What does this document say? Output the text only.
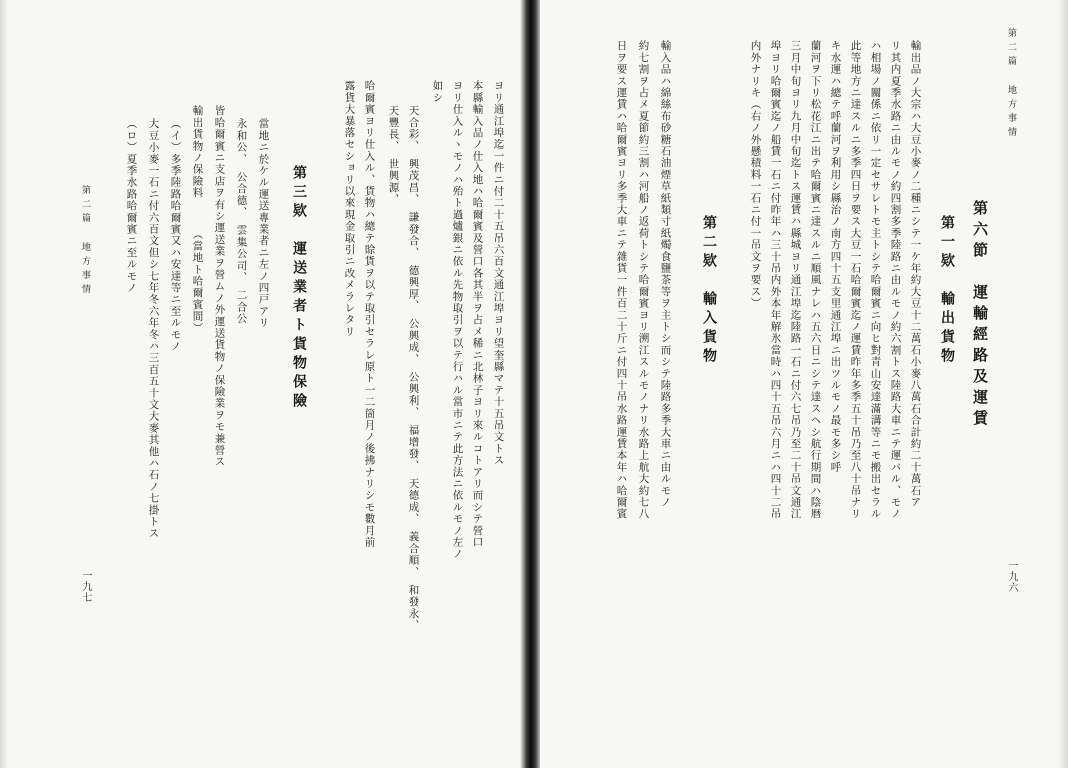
ヨリ通江埠迄一件ニ付二十五吊六百文通江埠ヨリ望奎縣マテ十五吊文トス
本縣輸入品ノ仕入地ハ哈爾賓及營口各其半ヲ占メ稀ニ北林子ヨリ來ルコトアリ而シテ營口
ヨリ仕入ルヽモノハ殆ト過爐銀ニ依ル先物取引ヲ以テ行ハル當市ニテ此方法ニ依ルモノ左ノ
如シ
天合彩、　興茂昌、　謙發合、　德興厚、　公興成、　公興利、　福增發、　天德成、　義合順、　和發永、
天豐長、　世興源、
哈爾賓ヨリ仕入ル、貨物ハ總テ賒貨ヲ以テ取引セラレ原ト一二箇月ノ後拂ナリシモ數月前
露貨大暴落セショリ以來現金取引ニ改メラレタリ
第三欵　運送業者ト貨物保險
當地ニ於ケル運送專業者ニ左ノ四戸アリ
永和公、　公合德、　雲集公司、　二合公
皆哈爾賓ニ支店ヲ有シ運送業ヲ營ムノ外運送貨物ノ保險業ヲモ兼營ス
輸出貨物ノ保險料　　　（當地ト哈爾賓間）
（イ）多季陸路哈爾賓又ハ安達等ニ至ルモノ
大豆小麥一石ニ付六百文但シ七年冬六年冬ハ三百五十文大麥其他ハ石ノ七掛トス
（ロ）夏季水路哈爾賓ニ至ルモノ
第二篇 地方事情
一九七
第二篇 地方事情
一九六
第六節　運輸經路及運賃
第一欵　輸出貨物
輸出品ノ大宗ハ大豆小麥ノ二種ニシテ一ケ年約大豆十二萬石小麥八萬石合計約二十萬石ア
リ其内夏季水路ニ由ルモノ約四割多季陸路ニ由ルモノ約六割トス陸路大車ニテ運バル、モノ
ハ相場ノ關係ニ依リ一定セサレトモ主トシテ哈爾賓ニ向ヒ對青山安達滿溝等ニモ搬出セラル
此等地方ニ達スルニ多季四日ヲ要ス大豆一石哈爾賓迄ノ運賃昨年多季五十吊乃至八十吊ナリ
キ水運ハ總テ呼蘭河ヲ利用シ縣治ノ南方四十五支里通江埠ニ出ツルモノ最モ多シ呼
蘭河ヲ下リ松花江ニ出テ哈爾賓ニ達スルニ順風ナレハ五六日ニシテ達スヘシ航行期間ハ陰暦
三月中旬ヨリ九月中旬迄トス運賃ハ縣城ヨリ通江埠迄陸路一石ニ付六七吊乃至二十吊文通江
埠ヨリ哈爾賓迄ノ船賃一石ニ付昨年ハ三十吊内外本年解氷當時ハ四十五吊六月ニハ四十二吊
内外ナリキ（右ノ外懸積料一石ニ付一吊文ヲ要ス）
第二欵　輸入貨物
輸入品ハ綿絲布砂糖石油煙草紙類寸紙燭食鹽茶等ヲ主トシ而シテ陸路多季大車ニ由ルモノ
約七割ヲ占メ夏節約三割ハ河船ノ返荷トシテ哈爾賓ヨリ溯江スルモノナリ水路上航大約七八
日ヲ要ス運賃ハ哈爾賓ヨリ多季大車ニテ雜貨一件百二十斤ニ付四十吊水路運賃本年ハ哈爾賓
